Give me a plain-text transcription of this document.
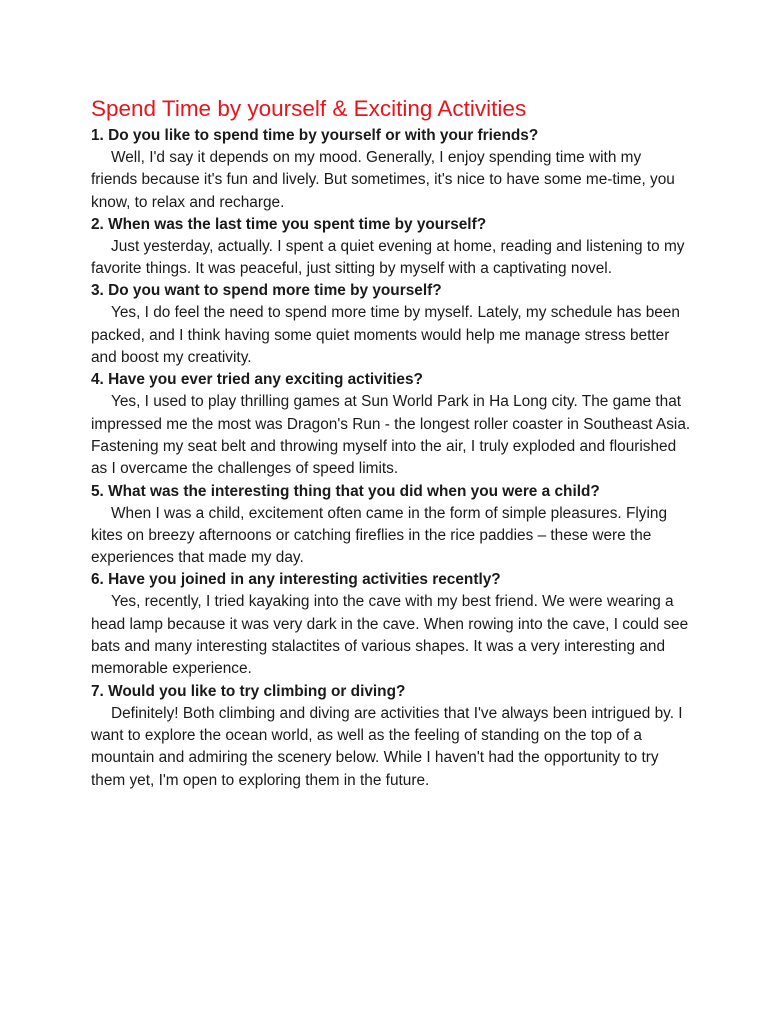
Spend Time by yourself & Exciting Activities

1. Do you like to spend time by yourself or with your friends?

Well, I'd say it depends on my mood. Generally, I enjoy spending time with my friends because it's fun and lively. But sometimes, it's nice to have some me-time, you know, to relax and recharge.

2. When was the last time you spent time by yourself?

Just yesterday, actually. I spent a quiet evening at home, reading and listening to my favorite things. It was peaceful, just sitting by myself with a captivating novel.

3. Do you want to spend more time by yourself?

Yes, I do feel the need to spend more time by myself. Lately, my schedule has been packed, and I think having some quiet moments would help me manage stress better and boost my creativity.

4. Have you ever tried any exciting activities?

Yes, I used to play thrilling games at Sun World Park in Ha Long city. The game that impressed me the most was Dragon's Run - the longest roller coaster in Southeast Asia. Fastening my seat belt and throwing myself into the air, I truly exploded and flourished as I overcame the challenges of speed limits.

5. What was the interesting thing that you did when you were a child?

When I was a child, excitement often came in the form of simple pleasures. Flying kites on breezy afternoons or catching fireflies in the rice paddies – these were the experiences that made my day.

6. Have you joined in any interesting activities recently?

Yes, recently, I tried kayaking into the cave with my best friend. We were wearing a head lamp because it was very dark in the cave. When rowing into the cave, I could see bats and many interesting stalactites of various shapes. It was a very interesting and memorable experience.

7. Would you like to try climbing or diving?

Definitely! Both climbing and diving are activities that I've always been intrigued by. I want to explore the ocean world, as well as the feeling of standing on the top of a mountain and admiring the scenery below. While I haven't had the opportunity to try them yet, I'm open to exploring them in the future.
